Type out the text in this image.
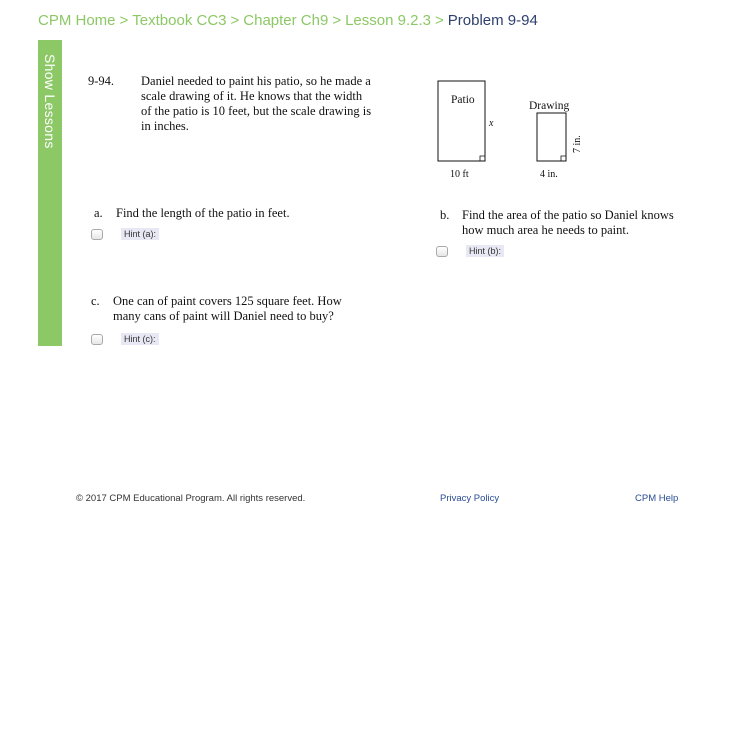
CPM Home > Textbook CC3 > Chapter Ch9 > Lesson 9.2.3 > Problem 9-94
Show Lessons 9-94. Daniel needed to paint his patio, so he made a
scale drawing of it. He knows that the width
of the patio is 10 feet, but the scale drawing is
in inches.
Patio
x
10 ft
Drawing
7 in.
4 in.
a. Find the length of the patio in feet.
Hint (a):
b. Find the area of the patio so Daniel knows
how much area he needs to paint.
Hint (b):
c. One can of paint covers 125 square feet. How
many cans of paint will Daniel need to buy?
Hint (c):
© 2017 CPM Educational Program. All rights reserved.	Privacy Policy	CPM Help
